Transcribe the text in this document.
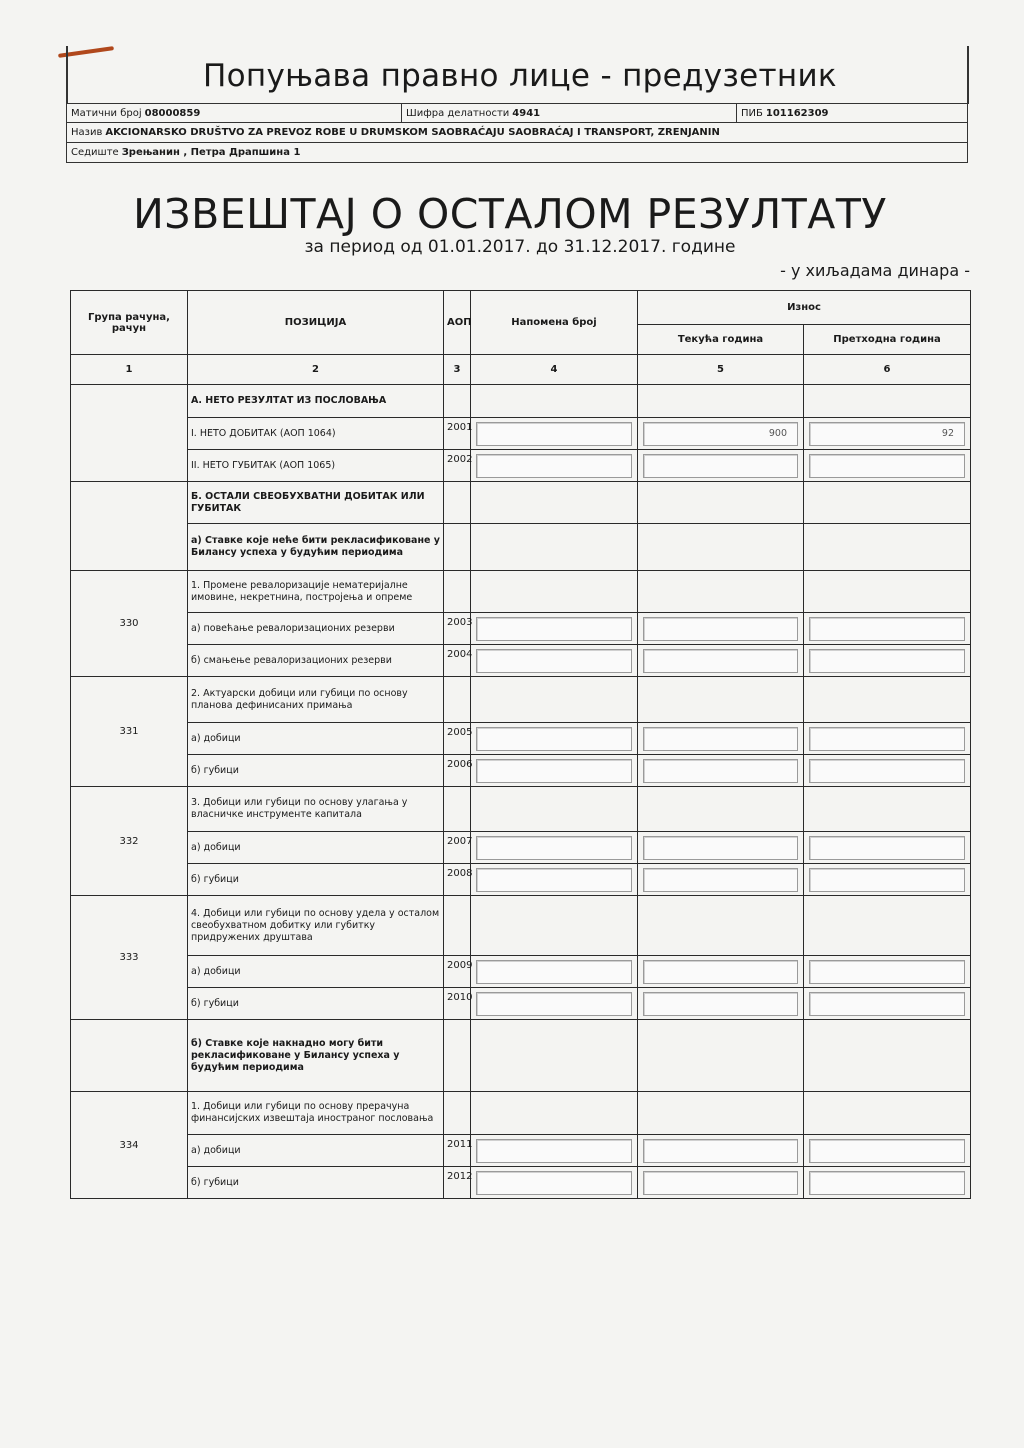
Попуњава правно лице - предузетник
Матични број 08000859	Шифра делатности 4941	ПИБ 101162309
Назив AKCIONARSKO DRUŠTVO ZA PREVOZ ROBE U DRUMSKOM SAOBRAĆAJU SAOBRAĆAJ I TRANSPORT, ZRENJANIN
Седиште Зрењанин , Петра Драпшина 1
ИЗВЕШТАЈ О ОСТАЛОМ РЕЗУЛТАТУ
за период од 01.01.2017. до 31.12.2017. године
- у хиљадама динара -
Група рачуна, рачун	ПОЗИЦИЈА	АОП	Напомена број	Износ	
				Текућа година	Претходна година
1	2	3	4	5	6
	А. НЕТО РЕЗУЛТАТ ИЗ ПОСЛОВАЊА				
	I. НЕТО ДОБИТАК (АОП 1064)	2001		900	92

	II. НЕТО ГУБИТАК (АОП 1065)	2002	

	Б. ОСТАЛИ СВЕОБУХВАТНИ ДОБИТАК ИЛИ ГУБИТАК				
	а) Ставке које неће бити рекласификоване у Билансу успеха у будућим периодима				
330	1. Промене ревалоризације нематеријалне имовине, некретнина, постројења и опреме				
	а) повећање ревалоризационих резерви	2003	

	б) смањење ревалоризационих резерви	2004	

331	2. Актуарски добици или губици по основу планова дефинисаних примања				
	а) добици	2005	

	б) губици	2006	

332	3. Добици или губици по основу улагања у власничке инструменте капитала				
	а) добици	2007	

	б) губици	2008	

333	4. Добици или губици по основу удела у осталом свеобухватном добитку или губитку придружених друштава				
	а) добици	2009	

	б) губици	2010	

	б) Ставке које накнадно могу бити рекласификоване у Билансу успеха у будућим периодима				
334	1. Добици или губици по основу прерачуна финансијских извештаја иностраног пословања				
	а) добици	2011	

	б) губици	2012	
